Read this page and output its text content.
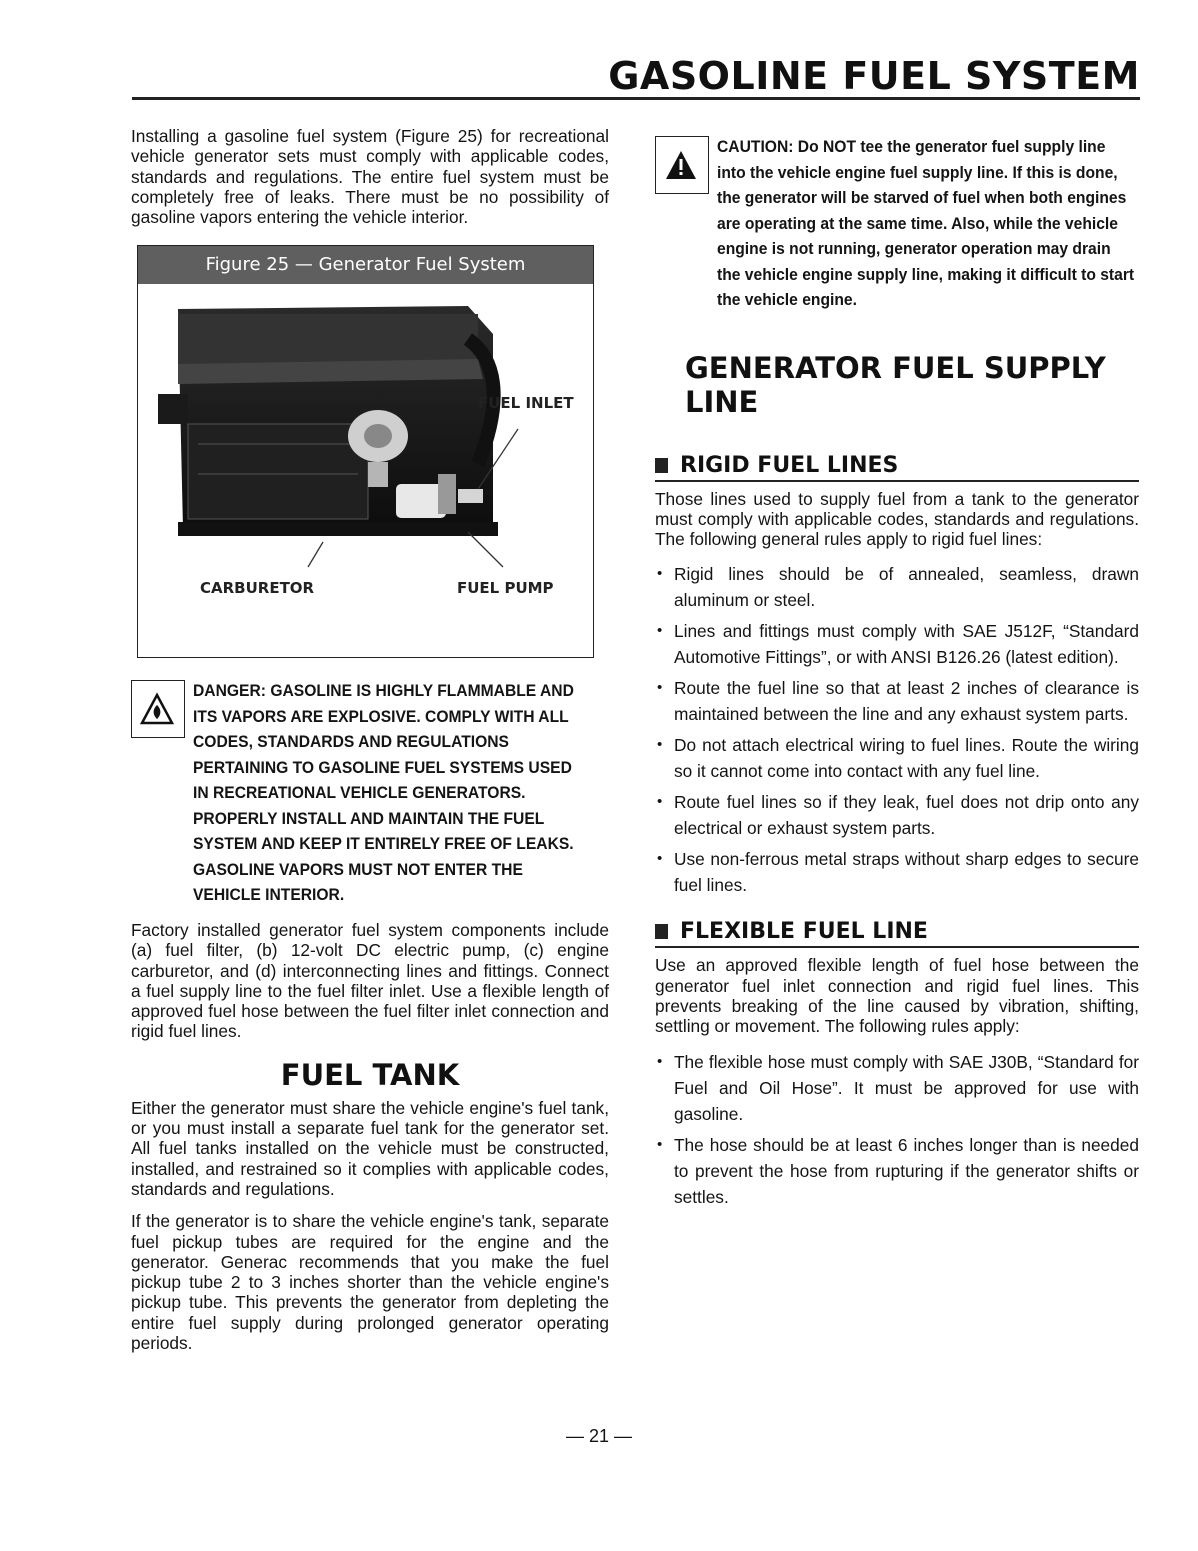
GASOLINE FUEL SYSTEM

Installing a gasoline fuel system (Figure 25) for recreational vehicle generator sets must comply with applicable codes, standards and regulations. The entire fuel system must be completely free of leaks. There must be no possibility of gasoline vapors entering the vehicle interior.

Figure 25 — Generator Fuel System
FUEL INLET
CARBURETOR	FUEL PUMP
DANGER: GASOLINE IS HIGHLY FLAMMABLE AND ITS VAPORS ARE EXPLOSIVE. COMPLY WITH ALL CODES, STANDARDS AND REGULATIONS PERTAINING TO GASOLINE FUEL SYSTEMS USED IN RECREATIONAL VEHICLE GENERATORS. PROPERLY INSTALL AND MAINTAIN THE FUEL SYSTEM AND KEEP IT ENTIRELY FREE OF LEAKS. GASOLINE VAPORS MUST NOT ENTER THE VEHICLE INTERIOR.

Factory installed generator fuel system components include (a) fuel filter, (b) 12-volt DC electric pump, (c) engine carburetor, and (d) interconnecting lines and fittings. Connect a fuel supply line to the fuel filter inlet. Use a flexible length of approved fuel hose between the fuel filter inlet connection and rigid fuel lines.

FUEL TANK

Either the generator must share the vehicle engine's fuel tank, or you must install a separate fuel tank for the generator set. All fuel tanks installed on the vehicle must be constructed, installed, and restrained so it complies with applicable codes, standards and regulations.

If the generator is to share the vehicle engine's tank, separate fuel pickup tubes are required for the engine and the generator. Generac recommends that you make the fuel pickup tube 2 to 3 inches shorter than the vehicle engine's pickup tube. This prevents the generator from depleting the entire fuel supply during prolonged generator operating periods.

CAUTION: Do NOT tee the generator fuel supply line into the vehicle engine fuel supply line. If this is done, the generator will be starved of fuel when both engines are operating at the same time. Also, while the vehicle engine is not running, generator operation may drain the vehicle engine supply line, making it difficult to start the vehicle engine.
GENERATOR FUEL SUPPLY LINE
RIGID FUEL LINES

Those lines used to supply fuel from a tank to the generator must comply with applicable codes, standards and regulations. The following general rules apply to rigid fuel lines:

• Rigid lines should be of annealed, seamless, drawn aluminum or steel.
• Lines and fittings must comply with SAE J512F, “Standard Automotive Fittings”, or with ANSI B126.26 (latest edition).
• Route the fuel line so that at least 2 inches of clearance is maintained between the line and any exhaust system parts.
• Do not attach electrical wiring to fuel lines. Route the wiring so it cannot come into contact with any fuel line.
• Route fuel lines so if they leak, fuel does not drip onto any electrical or exhaust system parts.
• Use non-ferrous metal straps without sharp edges to secure fuel lines.
FLEXIBLE FUEL LINE

Use an approved flexible length of fuel hose between the generator fuel inlet connection and rigid fuel lines. This prevents breaking of the line caused by vibration, shifting, settling or movement. The following rules apply:

• The flexible hose must comply with SAE J30B, “Standard for Fuel and Oil Hose”. It must be approved for use with gasoline.
• The hose should be at least 6 inches longer than is needed to prevent the hose from rupturing if the generator shifts or settles.
— 21 —
